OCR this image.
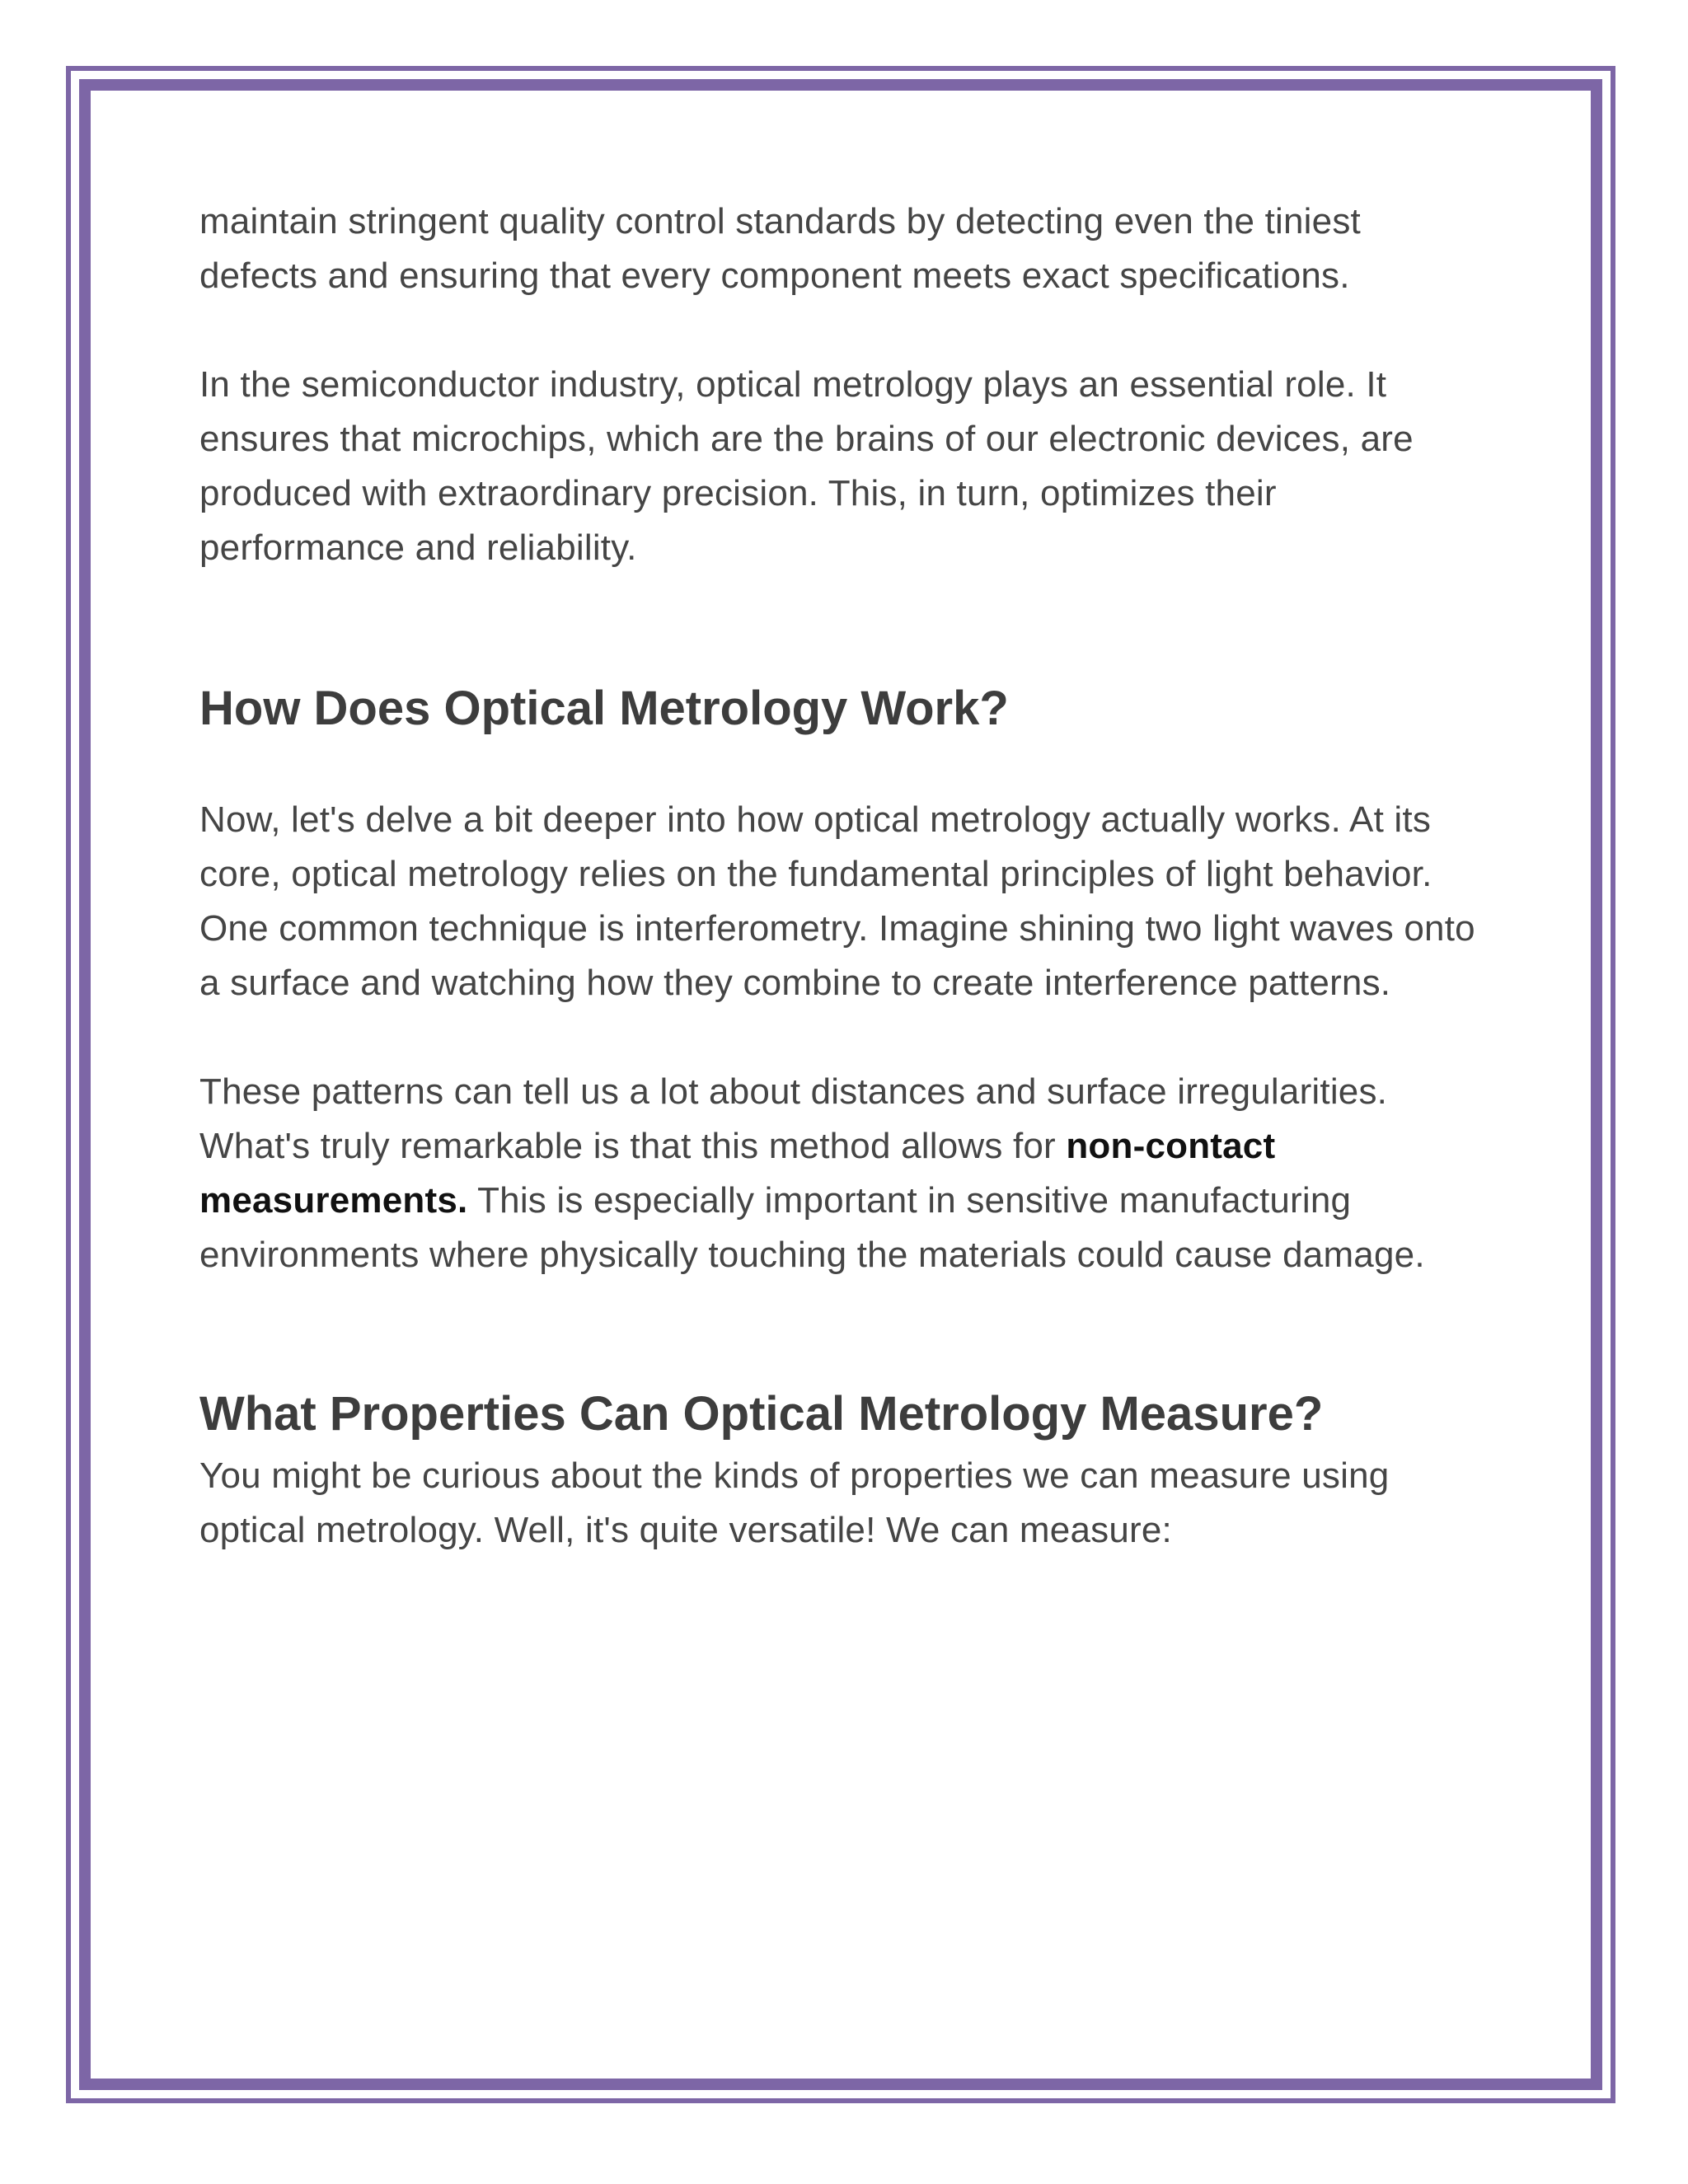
maintain stringent quality control standards by detecting even the tiniest defects and ensuring that every component meets exact specifications.

In the semiconductor industry, optical metrology plays an essential role. It ensures that microchips, which are the brains of our electronic devices, are produced with extraordinary precision. This, in turn, optimizes their performance and reliability.

How Does Optical Metrology Work?

Now, let's delve a bit deeper into how optical metrology actually works. At its core, optical metrology relies on the fundamental principles of light behavior. One common technique is interferometry. Imagine shining two light waves onto a surface and watching how they combine to create interference patterns.

These patterns can tell us a lot about distances and surface irregularities. What's truly remarkable is that this method allows for non-contact measurements. This is especially important in sensitive manufacturing environments where physically touching the materials could cause damage.

What Properties Can Optical Metrology Measure?

You might be curious about the kinds of properties we can measure using optical metrology. Well, it's quite versatile! We can measure:
